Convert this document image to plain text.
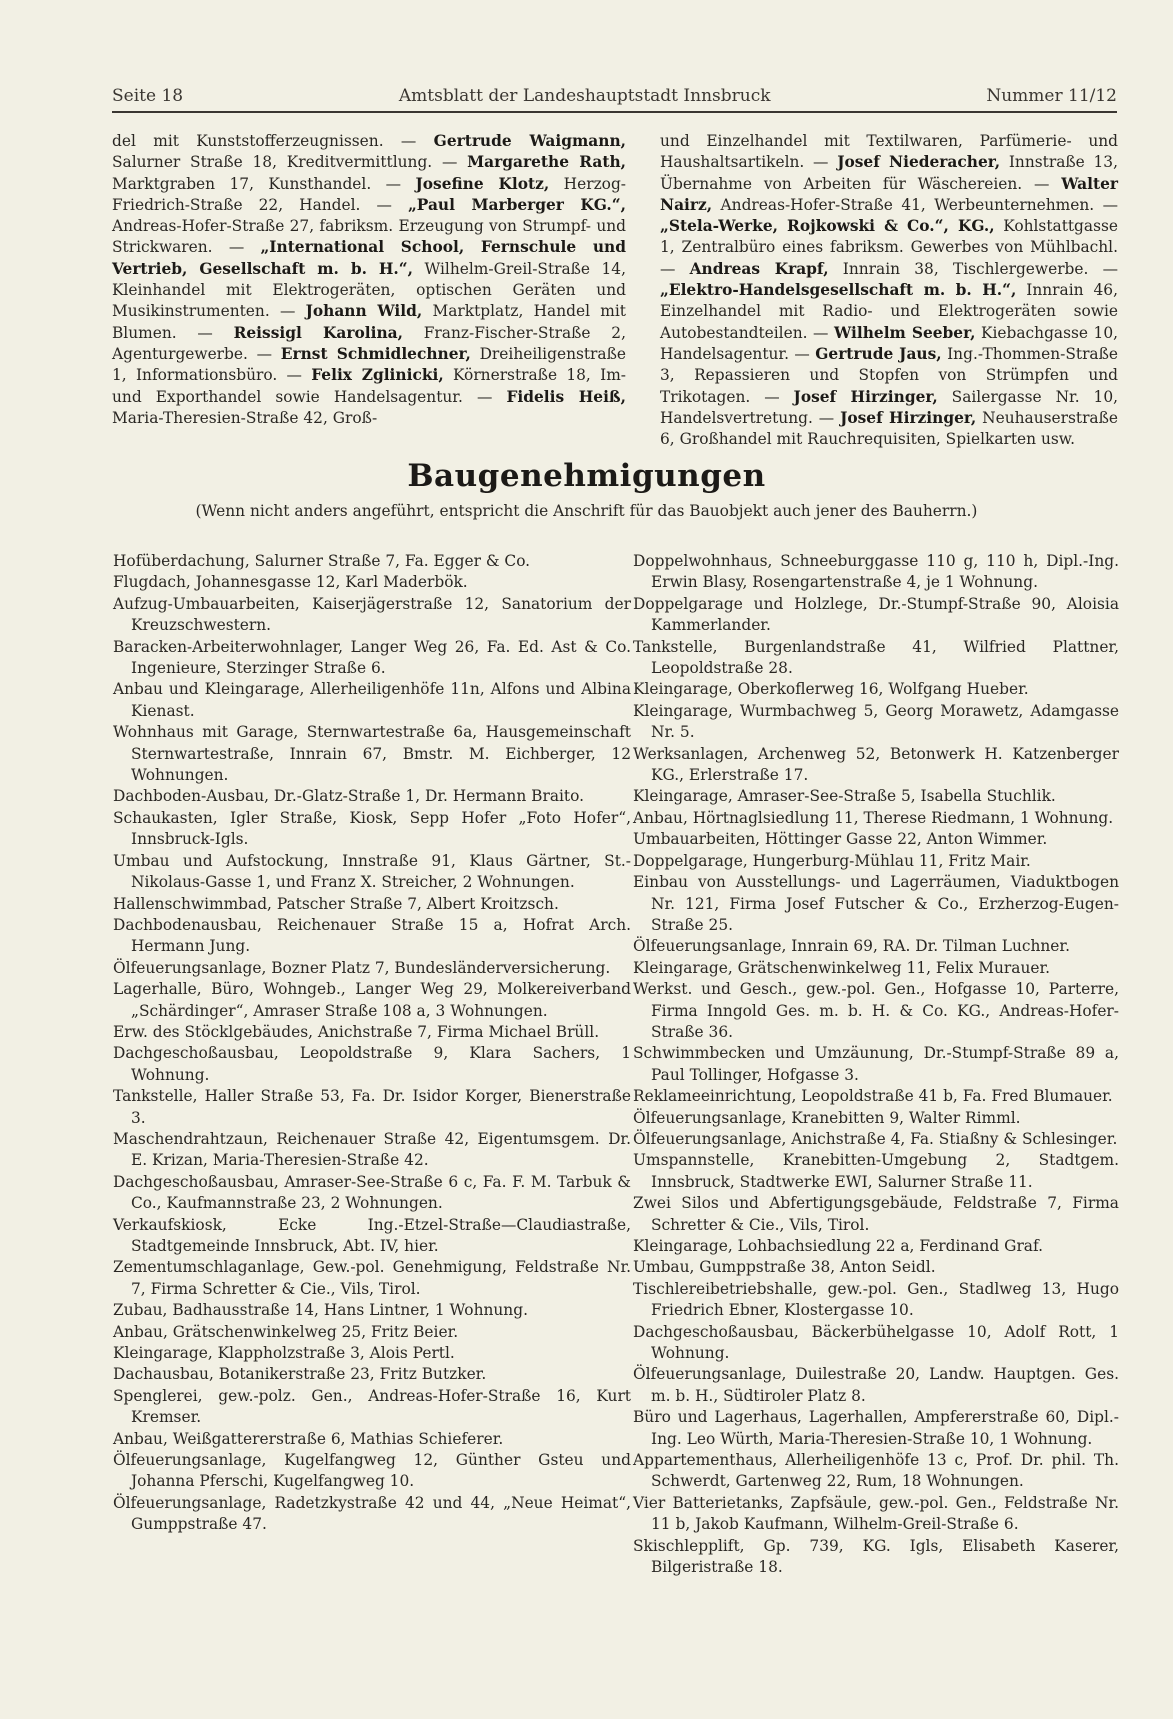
Seite 18	Amtsblatt der Landeshauptstadt Innsbruck	Nummer 11/12
del mit Kunststofferzeugnissen. — Gertrude Waigmann, Salurner Straße 18, Kreditvermittlung. — Margarethe Rath, Marktgraben 17, Kunsthandel. — Josefine Klotz, Herzog-Friedrich-Straße 22, Handel. — „Paul Marberger KG.“, Andreas-Hofer-Straße 27, fabriksm. Erzeugung von Strumpf- und Strickwaren. — „International School, Fernschule und Vertrieb, Gesellschaft m. b. H.“, Wilhelm-Greil-Straße 14, Kleinhandel mit Elektrogeräten, optischen Geräten und Musikinstrumenten. — Johann Wild, Marktplatz, Handel mit Blumen. — Reissigl Karolina, Franz-Fischer-Straße 2, Agenturgewerbe. — Ernst Schmidlechner, Dreiheiligenstraße 1, Informationsbüro. — Felix Zglinicki, Körnerstraße 18, Im- und Exporthandel sowie Handelsagentur. — Fidelis Heiß, Maria-Theresien-Straße 42, Groß-
und Einzelhandel mit Textilwaren, Parfümerie- und Haushaltsartikeln. — Josef Niederacher, Innstraße 13, Übernahme von Arbeiten für Wäschereien. — Walter Nairz, Andreas-Hofer-Straße 41, Werbeunternehmen. — „Stela-Werke, Rojkowski & Co.“, KG., Kohlstattgasse 1, Zentralbüro eines fabriksm. Gewerbes von Mühlbachl. — Andreas Krapf, Innrain 38, Tischlergewerbe. — „Elektro-Handelsgesellschaft m. b. H.“, Innrain 46, Einzelhandel mit Radio- und Elektrogeräten sowie Autobestandteilen. — Wilhelm Seeber, Kiebachgasse 10, Handelsagentur. — Gertrude Jaus, Ing.-Thommen-Straße 3, Repassieren und Stopfen von Strümpfen und Trikotagen. — Josef Hirzinger, Sailergasse Nr. 10, Handelsvertretung. — Josef Hirzinger, Neuhauserstraße 6, Großhandel mit Rauchrequisiten, Spielkarten usw.
Baugenehmigungen
(Wenn nicht anders angeführt, entspricht die Anschrift für das Bauobjekt auch jener des Bauherrn.)
Hofüberdachung, Salurner Straße 7, Fa. Egger & Co.
Flugdach, Johannesgasse 12, Karl Maderbök.
Aufzug-Umbauarbeiten, Kaiserjägerstraße 12, Sanatorium der Kreuzschwestern.
Baracken-Arbeiterwohnlager, Langer Weg 26, Fa. Ed. Ast & Co. Ingenieure, Sterzinger Straße 6.
Anbau und Kleingarage, Allerheiligenhöfe 11n, Alfons und Albina Kienast.
Wohnhaus mit Garage, Sternwartestraße 6a, Hausgemeinschaft Sternwartestraße, Innrain 67, Bmstr. M. Eichberger, 12 Wohnungen.
Dachboden-Ausbau, Dr.-Glatz-Straße 1, Dr. Hermann Braito.
Schaukasten, Igler Straße, Kiosk, Sepp Hofer „Foto Hofer“, Innsbruck-Igls.
Umbau und Aufstockung, Innstraße 91, Klaus Gärtner, St.-Nikolaus-Gasse 1, und Franz X. Streicher, 2 Wohnungen.
Hallenschwimmbad, Patscher Straße 7, Albert Kroitzsch.
Dachbodenausbau, Reichenauer Straße 15 a, Hofrat Arch. Hermann Jung.
Ölfeuerungsanlage, Bozner Platz 7, Bundesländerversicherung.
Lagerhalle, Büro, Wohngeb., Langer Weg 29, Molkereiverband „Schärdinger“, Amraser Straße 108 a, 3 Wohnungen.
Erw. des Stöcklgebäudes, Anichstraße 7, Firma Michael Brüll.
Dachgeschoßausbau, Leopoldstraße 9, Klara Sachers, 1 Wohnung.
Tankstelle, Haller Straße 53, Fa. Dr. Isidor Korger, Bienerstraße 3.
Maschendrahtzaun, Reichenauer Straße 42, Eigentumsgem. Dr. E. Krizan, Maria-Theresien-Straße 42.
Dachgeschoßausbau, Amraser-See-Straße 6 c, Fa. F. M. Tarbuk & Co., Kaufmannstraße 23, 2 Wohnungen.
Verkaufskiosk, Ecke Ing.-Etzel-Straße—Claudiastraße, Stadtgemeinde Innsbruck, Abt. IV, hier.
Zementumschlaganlage, Gew.-pol. Genehmigung, Feldstraße Nr. 7, Firma Schretter & Cie., Vils, Tirol.
Zubau, Badhausstraße 14, Hans Lintner, 1 Wohnung.
Anbau, Grätschenwinkelweg 25, Fritz Beier.
Kleingarage, Klappholzstraße 3, Alois Pertl.
Dachausbau, Botanikerstraße 23, Fritz Butzker.
Spenglerei, gew.-polz. Gen., Andreas-Hofer-Straße 16, Kurt Kremser.
Anbau, Weißgattererstraße 6, Mathias Schieferer.
Ölfeuerungsanlage, Kugelfangweg 12, Günther Gsteu und Johanna Pferschi, Kugelfangweg 10.
Ölfeuerungsanlage, Radetzkystraße 42 und 44, „Neue Heimat“, Gumppstraße 47.
Doppelwohnhaus, Schneeburggasse 110 g, 110 h, Dipl.-Ing. Erwin Blasy, Rosengartenstraße 4, je 1 Wohnung.
Doppelgarage und Holzlege, Dr.-Stumpf-Straße 90, Aloisia Kammerlander.
Tankstelle, Burgenlandstraße 41, Wilfried Plattner, Leopoldstraße 28.
Kleingarage, Oberkoflerweg 16, Wolfgang Hueber.
Kleingarage, Wurmbachweg 5, Georg Morawetz, Adamgasse Nr. 5.
Werksanlagen, Archenweg 52, Betonwerk H. Katzenberger KG., Erlerstraße 17.
Kleingarage, Amraser-See-Straße 5, Isabella Stuchlik.
Anbau, Hörtnaglsiedlung 11, Therese Riedmann, 1 Wohnung.
Umbauarbeiten, Höttinger Gasse 22, Anton Wimmer.
Doppelgarage, Hungerburg-Mühlau 11, Fritz Mair.
Einbau von Ausstellungs- und Lagerräumen, Viaduktbogen Nr. 121, Firma Josef Futscher & Co., Erzherzog-Eugen-Straße 25.
Ölfeuerungsanlage, Innrain 69, RA. Dr. Tilman Luchner.
Kleingarage, Grätschenwinkelweg 11, Felix Murauer.
Werkst. und Gesch., gew.-pol. Gen., Hofgasse 10, Parterre, Firma Inngold Ges. m. b. H. & Co. KG., Andreas-Hofer-Straße 36.
Schwimmbecken und Umzäunung, Dr.-Stumpf-Straße 89 a, Paul Tollinger, Hofgasse 3.
Reklameeinrichtung, Leopoldstraße 41 b, Fa. Fred Blumauer.
Ölfeuerungsanlage, Kranebitten 9, Walter Rimml.
Ölfeuerungsanlage, Anichstraße 4, Fa. Stiaßny & Schlesinger.
Umspannstelle, Kranebitten-Umgebung 2, Stadtgem. Innsbruck, Stadtwerke EWI, Salurner Straße 11.
Zwei Silos und Abfertigungsgebäude, Feldstraße 7, Firma Schretter & Cie., Vils, Tirol.
Kleingarage, Lohbachsiedlung 22 a, Ferdinand Graf.
Umbau, Gumppstraße 38, Anton Seidl.
Tischlereibetriebshalle, gew.-pol. Gen., Stadlweg 13, Hugo Friedrich Ebner, Klostergasse 10.
Dachgeschoßausbau, Bäckerbühelgasse 10, Adolf Rott, 1 Wohnung.
Ölfeuerungsanlage, Duilestraße 20, Landw. Hauptgen. Ges. m. b. H., Südtiroler Platz 8.
Büro und Lagerhaus, Lagerhallen, Ampfererstraße 60, Dipl.-Ing. Leo Würth, Maria-Theresien-Straße 10, 1 Wohnung.
Appartementhaus, Allerheiligenhöfe 13 c, Prof. Dr. phil. Th. Schwerdt, Gartenweg 22, Rum, 18 Wohnungen.
Vier Batterietanks, Zapfsäule, gew.-pol. Gen., Feldstraße Nr. 11 b, Jakob Kaufmann, Wilhelm-Greil-Straße 6.
Skischlepplift, Gp. 739, KG. Igls, Elisabeth Kaserer, Bilgeristraße 18.
